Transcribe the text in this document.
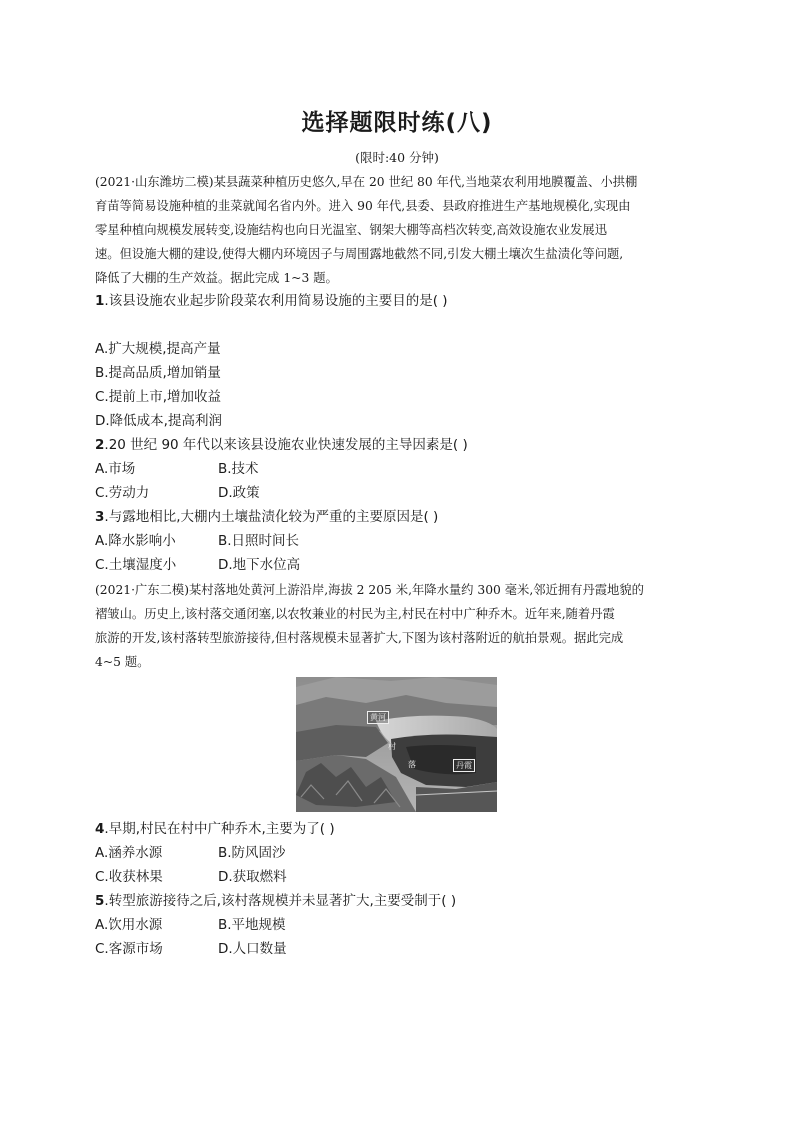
选择题限时练(八)
(限时:40 分钟)
(2021·山东潍坊二模)某县蔬菜种植历史悠久,早在 20 世纪 80 年代,当地菜农利用地膜覆盖、小拱棚
育苗等简易设施种植的韭菜就闻名省内外。进入 90 年代,县委、县政府推进生产基地规模化,实现由
零星种植向规模发展转变,设施结构也向日光温室、钢架大棚等高档次转变,高效设施农业发展迅
速。但设施大棚的建设,使得大棚内环境因子与周围露地截然不同,引发大棚土壤次生盐渍化等问题,
降低了大棚的生产效益。据此完成 1~3 题。
1.该县设施农业起步阶段菜农利用简易设施的主要目的是( )
A.扩大规模,提高产量
B.提高品质,增加销量
C.提前上市,增加收益
D.降低成本,提高利润
2.20 世纪 90 年代以来该县设施农业快速发展的主导因素是( )
A.市场	B.技术
C.劳动力	D.政策
3.与露地相比,大棚内土壤盐渍化较为严重的主要原因是( )
A.降水影响小	B.日照时间长
C.土壤湿度小	D.地下水位高
(2021·广东二模)某村落地处黄河上游沿岸,海拔 2 205 米,年降水量约 300 毫米,邻近拥有丹霞地貌的
褶皱山。历史上,该村落交通闭塞,以农牧兼业的村民为主,村民在村中广种乔木。近年来,随着丹霞
旅游的开发,该村落转型旅游接待,但村落规模未显著扩大,下图为该村落附近的航拍景观。据此完成
4~5 题。
黄河
村
落	丹霞
4.早期,村民在村中广种乔木,主要为了( )
A.涵养水源	B.防风固沙
C.收获林果	D.获取燃料
5.转型旅游接待之后,该村落规模并未显著扩大,主要受制于( )
A.饮用水源	B.平地规模
C.客源市场	D.人口数量
